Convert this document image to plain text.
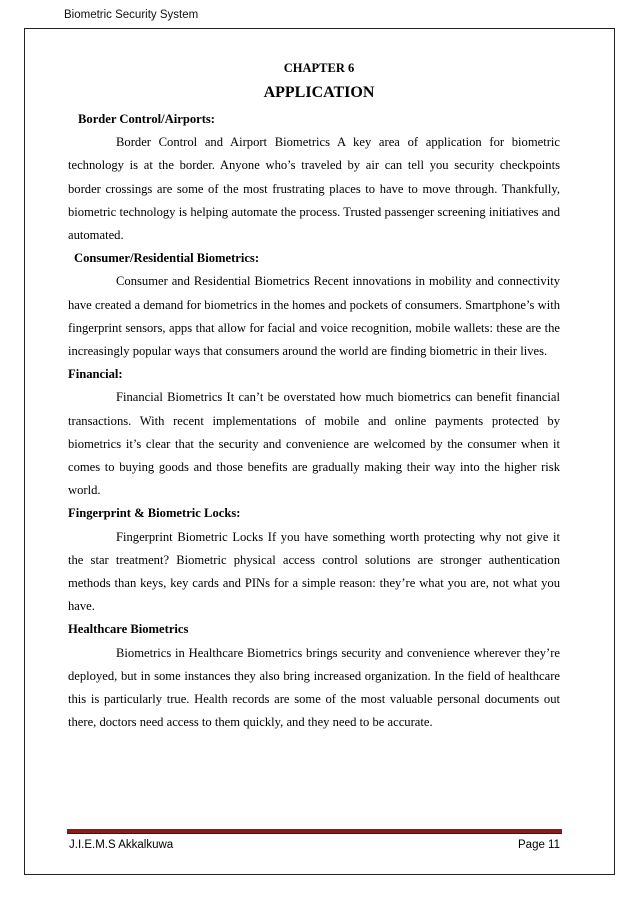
Biometric Security System
CHAPTER 6
APPLICATION
Border Control/Airports:

Border Control and Airport Biometrics A key area of application for biometric technology is at the border. Anyone who’s traveled by air can tell you security checkpoints border crossings are some of the most frustrating places to have to move through. Thankfully, biometric technology is helping automate the process. Trusted passenger screening initiatives and automated.

Consumer/Residential Biometrics:

Consumer and Residential Biometrics Recent innovations in mobility and connectivity have created a demand for biometrics in the homes and pockets of consumers. Smartphone’s with fingerprint sensors, apps that allow for facial and voice recognition, mobile wallets: these are the increasingly popular ways that consumers around the world are finding biometric in their lives.

Financial:

Financial Biometrics It can’t be overstated how much biometrics can benefit financial transactions. With recent implementations of mobile and online payments protected by biometrics it’s clear that the security and convenience are welcomed by the consumer when it comes to buying goods and those benefits are gradually making their way into the higher risk world.

Fingerprint & Biometric Locks:

Fingerprint Biometric Locks If you have something worth protecting why not give it the star treatment? Biometric physical access control solutions are stronger authentication methods than keys, key cards and PINs for a simple reason: they’re what you are, not what you have.

Healthcare Biometrics

Biometrics in Healthcare Biometrics brings security and convenience wherever they’re deployed, but in some instances they also bring increased organization. In the field of healthcare this is particularly true. Health records are some of the most valuable personal documents out there, doctors need access to them quickly, and they need to be accurate.

J.I.E.M.S Akkalkuwa	Page 11
